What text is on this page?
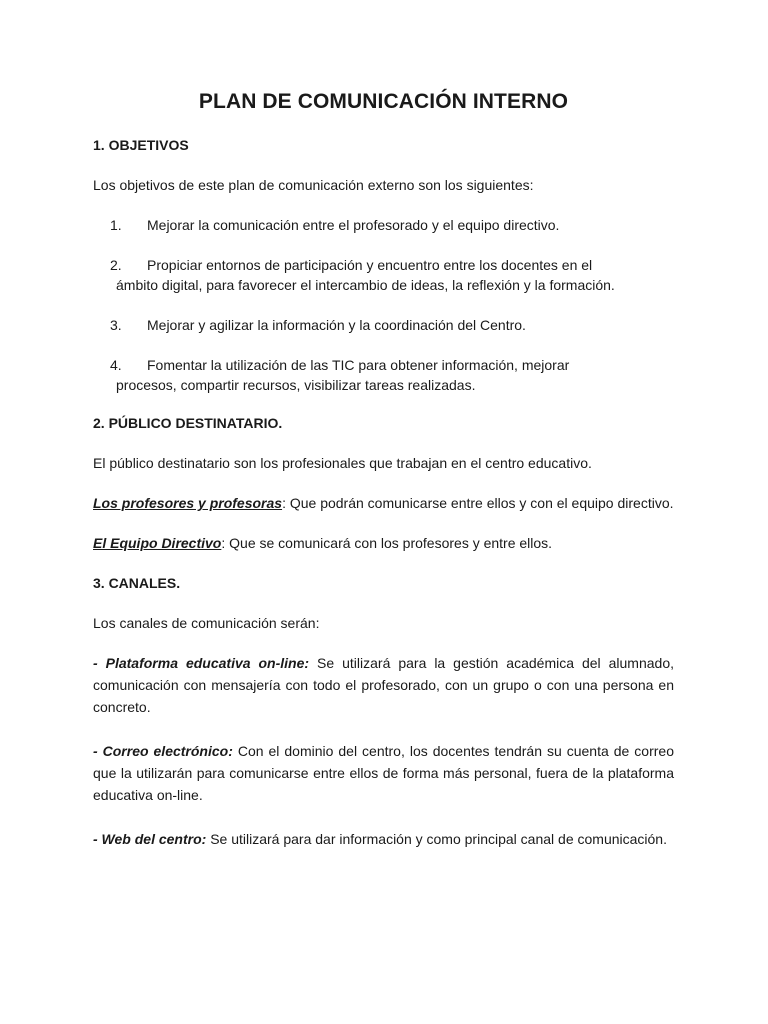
PLAN DE COMUNICACIÓN INTERNO
1. OBJETIVOS

Los objetivos de este plan de comunicación externo son los siguientes:

1. Mejorar la comunicación entre el profesorado y el equipo directivo.
2. Propiciar entornos de participación y encuentro entre los docentes en el
ámbito digital, para favorecer el intercambio de ideas, la reflexión y la formación.
3. Mejorar y agilizar la información y la coordinación del Centro.
4. Fomentar la utilización de las TIC para obtener información, mejorar
procesos, compartir recursos, visibilizar tareas realizadas.
2. PÚBLICO DESTINATARIO.

El público destinatario son los profesionales que trabajan en el centro educativo.

Los profesores y profesoras: Que podrán comunicarse entre ellos y con el equipo directivo.

El Equipo Directivo: Que se comunicará con los profesores y entre ellos.

3. CANALES.

Los canales de comunicación serán:

- Plataforma educativa on-line: Se utilizará para la gestión académica del alumnado, comunicación con mensajería con todo el profesorado, con un grupo o con una persona en concreto.

- Correo electrónico: Con el dominio del centro, los docentes tendrán su cuenta de correo que la utilizarán para comunicarse entre ellos de forma más personal, fuera de la plataforma educativa on-line.

- Web del centro: Se utilizará para dar información y como principal canal de comunicación.
